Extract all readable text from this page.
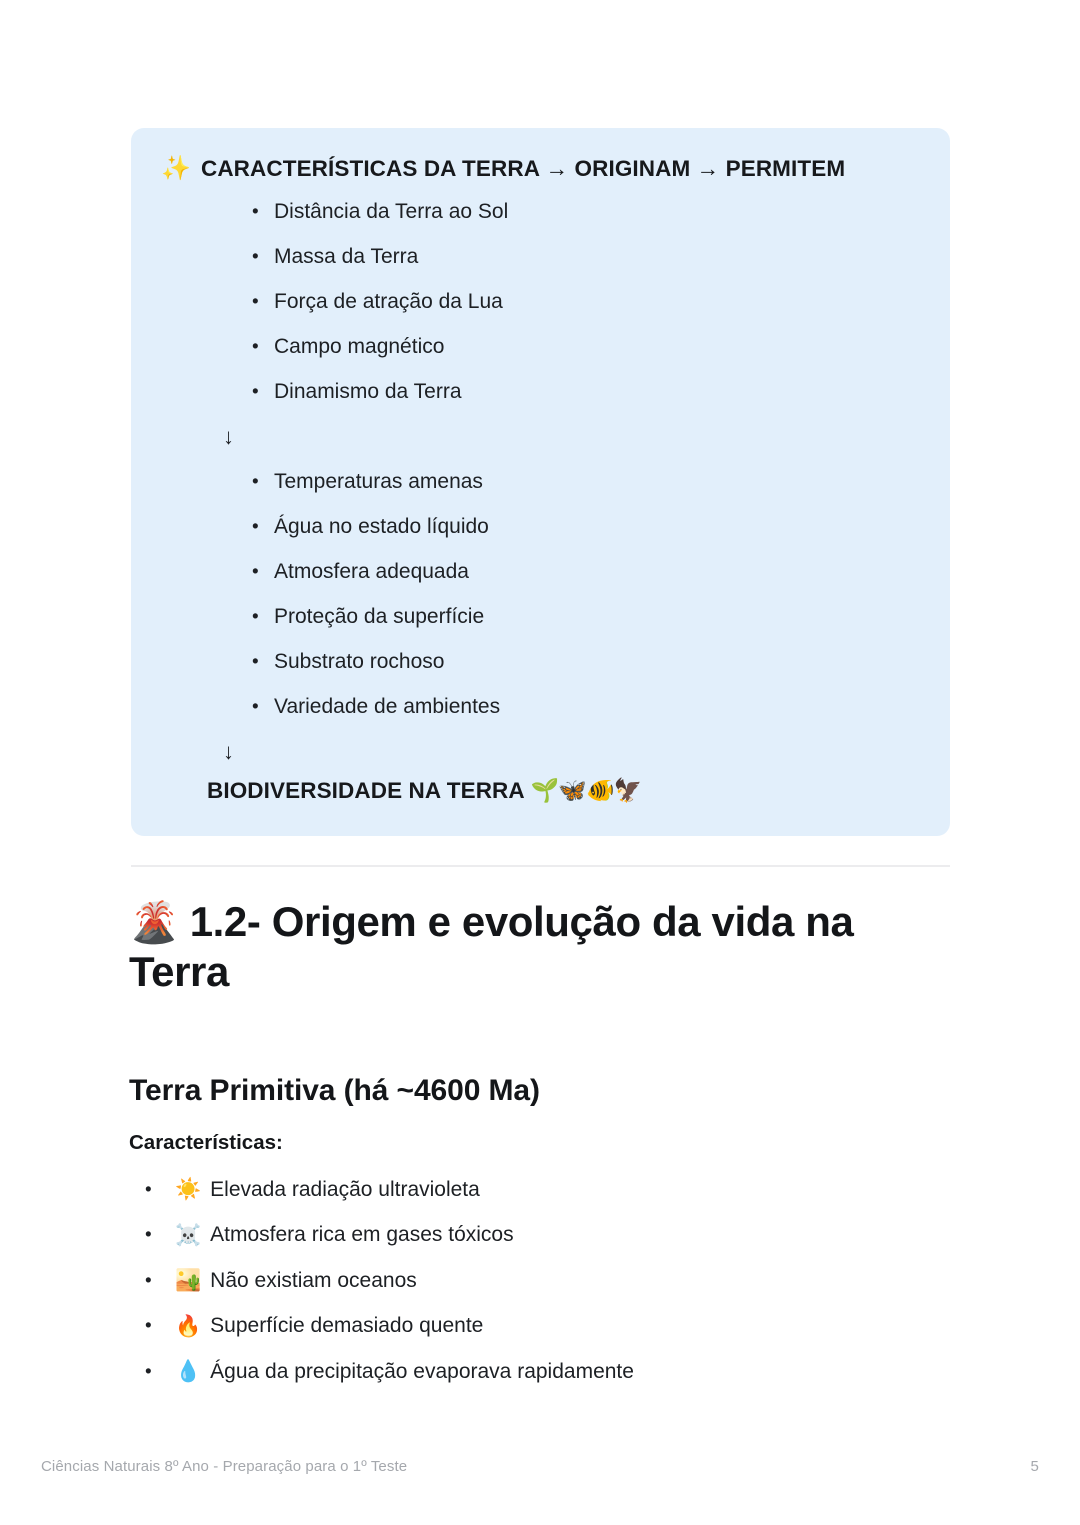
✨ CARACTERÍSTICAS DA TERRA → ORIGINAM → PERMITEM
• Distância da Terra ao Sol
• Massa da Terra
• Força de atração da Lua
• Campo magnético
• Dinamismo da Terra
↓
• Temperaturas amenas
• Água no estado líquido
• Atmosfera adequada
• Proteção da superfície
• Substrato rochoso
• Variedade de ambientes
↓
BIODIVERSIDADE NA TERRA 🌱🦋🐠🦅
🌋 1.2- Origem e evolução da vida na Terra
Terra Primitiva (há ~4600 Ma)
Características:
• ☀️ Elevada radiação ultravioleta
• ☠️ Atmosfera rica em gases tóxicos
• 🏜️ Não existiam oceanos
• 🔥 Superfície demasiado quente
• 💧 Água da precipitação evaporava rapidamente
Ciências Naturais 8º Ano - Preparação para o 1º Teste	5
